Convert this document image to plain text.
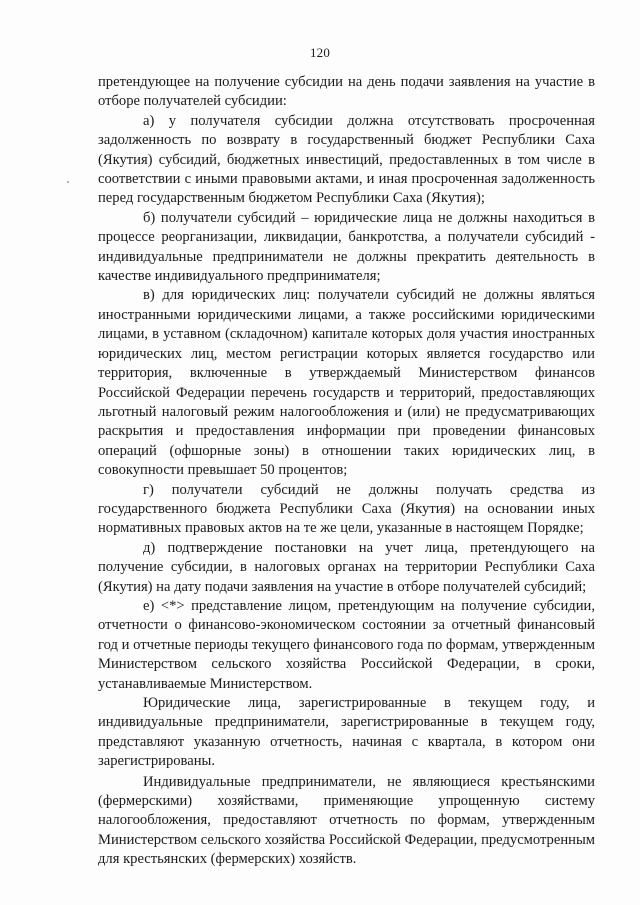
120

претендующее на получение субсидии на день подачи заявления на участие в отборе получателей субсидии:

а) у получателя субсидии должна отсутствовать просроченная задолженность по возврату в государственный бюджет Республики Саха (Якутия) субсидий, бюджетных инвестиций, предоставленных в том числе в соответствии с иными правовыми актами, и иная просроченная задолженность перед государственным бюджетом Республики Саха (Якутия);

б) получатели субсидий – юридические лица не должны находиться в процессе реорганизации, ликвидации, банкротства, а получатели субсидий - индивидуальные предприниматели не должны прекратить деятельность в качестве индивидуального предпринимателя;

в) для юридических лиц: получатели субсидий не должны являться иностранными юридическими лицами, а также российскими юридическими лицами, в уставном (складочном) капитале которых доля участия иностранных юридических лиц, местом регистрации которых является государство или территория, включенные в утверждаемый Министерством финансов Российской Федерации перечень государств и территорий, предоставляющих льготный налоговый режим налогообложения и (или) не предусматривающих раскрытия и предоставления информации при проведении финансовых операций (офшорные зоны) в отношении таких юридических лиц, в совокупности превышает 50 процентов;

г) получатели субсидий не должны получать средства из государственного бюджета Республики Саха (Якутия) на основании иных нормативных правовых актов на те же цели, указанные в настоящем Порядке;

д) подтверждение постановки на учет лица, претендующего на получение субсидии, в налоговых органах на территории Республики Саха (Якутия) на дату подачи заявления на участие в отборе получателей субсидий;

е) <*> представление лицом, претендующим на получение субсидии, отчетности о финансово-экономическом состоянии за отчетный финансовый год и отчетные периоды текущего финансового года по формам, утвержденным Министерством сельского хозяйства Российской Федерации, в сроки, устанавливаемые Министерством.

Юридические лица, зарегистрированные в текущем году, и индивидуальные предприниматели, зарегистрированные в текущем году, представляют указанную отчетность, начиная с квартала, в котором они зарегистрированы.

Индивидуальные предприниматели, не являющиеся крестьянскими (фермерскими) хозяйствами, применяющие упрощенную систему налогообложения, предоставляют отчетность по формам, утвержденным Министерством сельского хозяйства Российской Федерации, предусмотренным для крестьянских (фермерских) хозяйств.
